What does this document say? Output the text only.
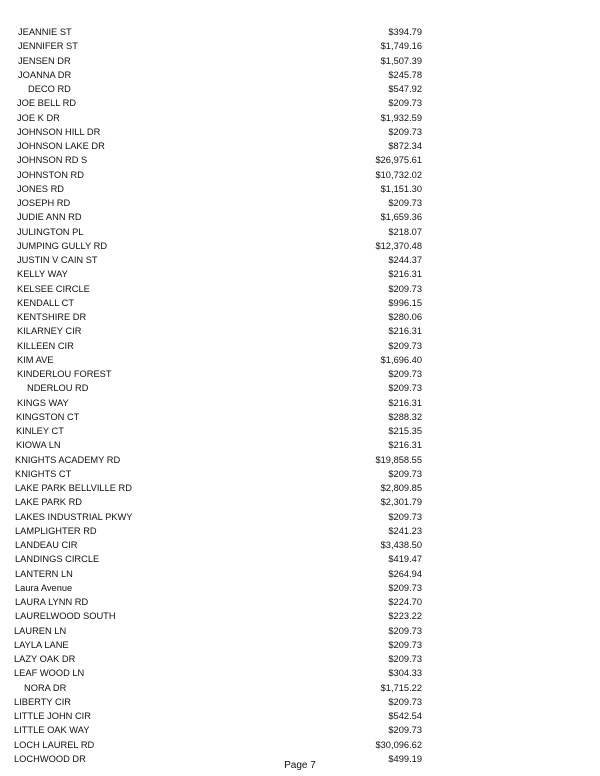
JEANNIE ST	$394.79
JENNIFER ST	$1,749.16
JENSEN DR	$1,507.39
JOANNA DR	$245.78
DECO RD	$547.92
JOE BELL RD	$209.73
JOE K DR	$1,932.59
JOHNSON HILL DR	$209.73
JOHNSON LAKE DR	$872.34
JOHNSON RD S	$26,975.61
JOHNSTON RD	$10,732.02
JONES RD	$1,151.30
JOSEPH RD	$209.73
JUDIE ANN RD	$1,659.36
JULINGTON PL	$218.07
JUMPING GULLY RD	$12,370.48
JUSTIN V CAIN ST	$244.37
KELLY WAY	$216.31
KELSEE CIRCLE	$209.73
KENDALL CT	$996.15
KENTSHIRE DR	$280.06
KILARNEY CIR	$216.31
KILLEEN CIR	$209.73
KIM AVE	$1,696.40
KINDERLOU FOREST	$209.73
NDERLOU RD	$209.73
KINGS WAY	$216.31
KINGSTON CT	$288.32
KINLEY CT	$215.35
KIOWA LN	$216.31
KNIGHTS ACADEMY RD	$19,858.55
KNIGHTS CT	$209.73
LAKE PARK BELLVILLE RD	$2,809.85
LAKE PARK RD	$2,301.79
LAKES INDUSTRIAL PKWY	$209.73
LAMPLIGHTER RD	$241.23
LANDEAU CIR	$3,438.50
LANDINGS CIRCLE	$419.47
LANTERN LN	$264.94
Laura Avenue	$209.73
LAURA LYNN RD	$224.70
LAURELWOOD SOUTH	$223.22
LAUREN LN	$209.73
LAYLA LANE	$209.73
LAZY OAK DR	$209.73
LEAF WOOD LN	$304.33
NORA DR	$1,715.22
LIBERTY CIR	$209.73
LITTLE JOHN CIR	$542.54
LITTLE OAK WAY	$209.73
LOCH LAUREL RD	$30,096.62
LOCHWOOD DR	$499.19
Page 7
